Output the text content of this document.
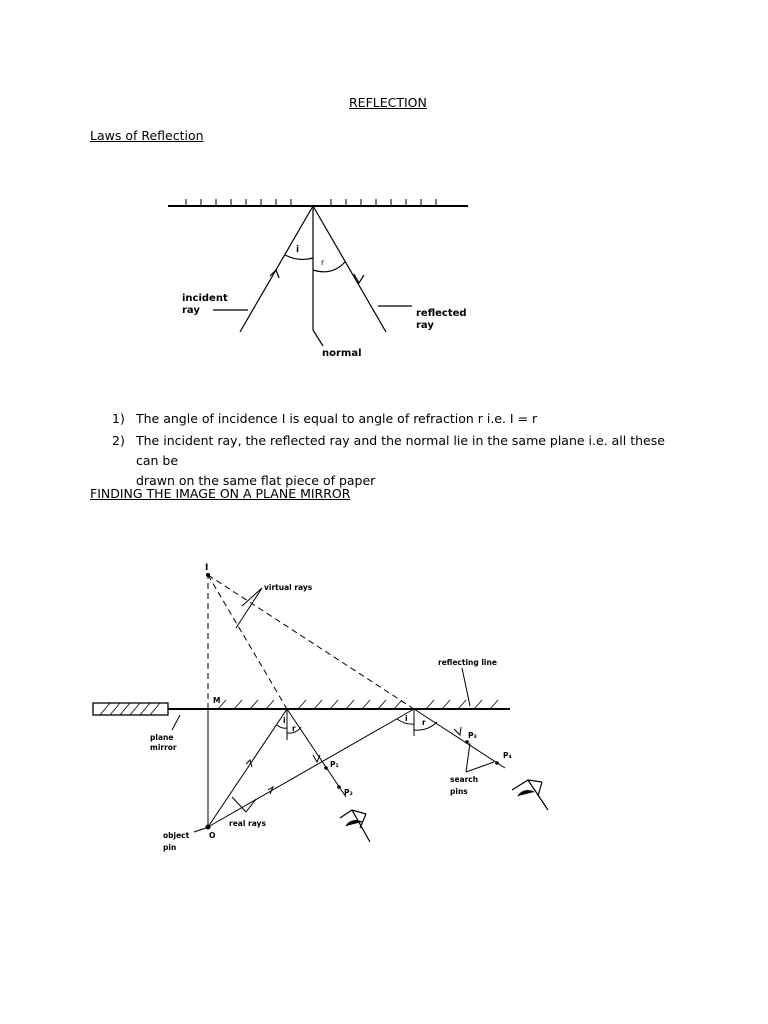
REFLECTION
Laws of Reflection
i
r
incident
ray	reflected
ray
normal
1) The angle of incidence I is equal to angle of refraction r i.e. I = r
2) The incident ray, the reflected ray and the normal lie in the same plane i.e. all these can be
drawn on the same flat piece of paper
FINDING THE IMAGE ON A PLANE MIRROR
I
virtual rays
reflecting line
M
plane
mirror
object
pin
O
real rays
search
pins
P₁
P₂
P₃
P₄
i
r
i r
